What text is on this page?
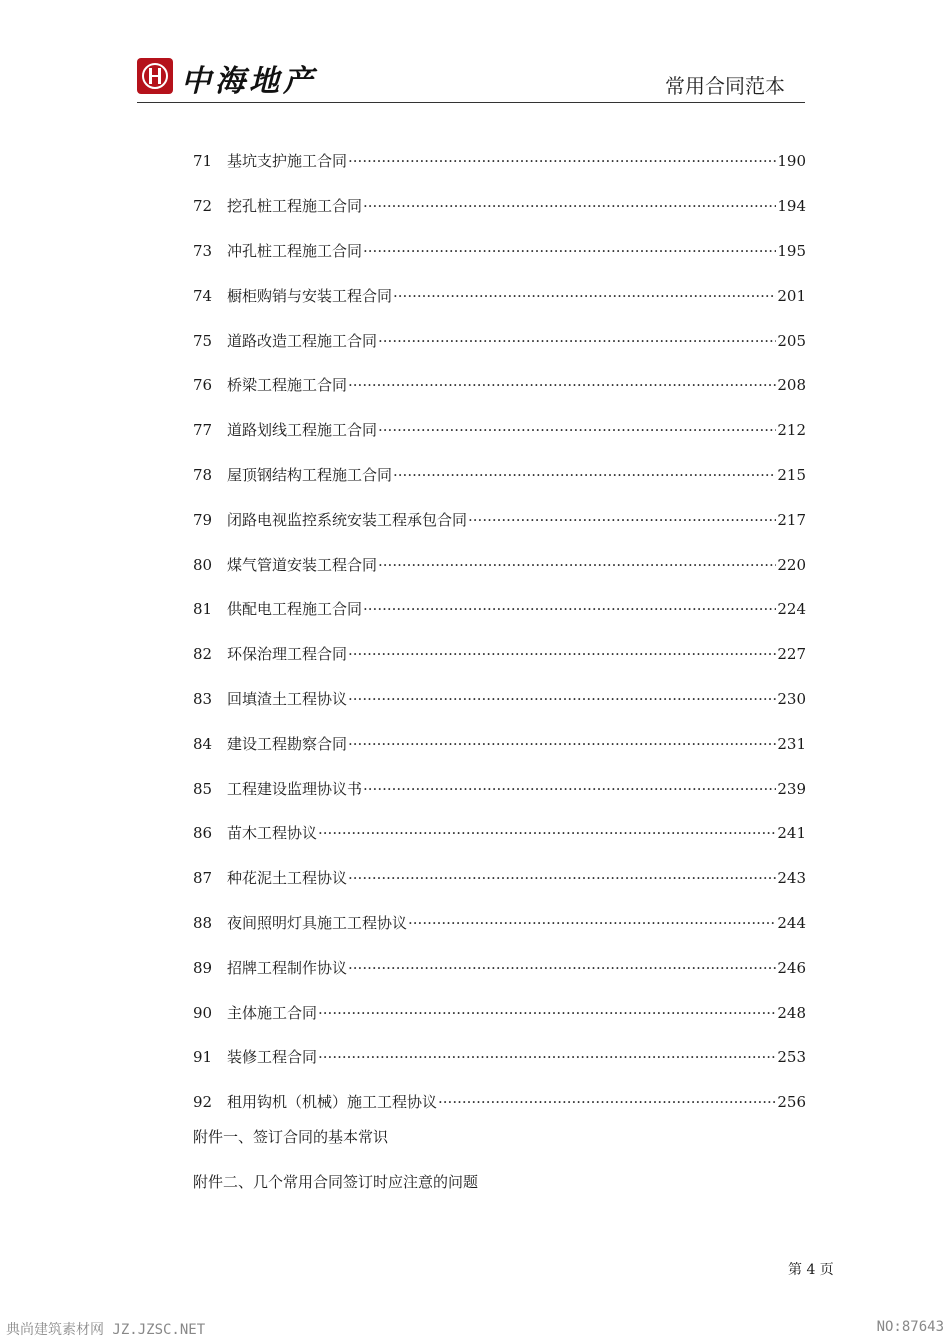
中海地产	常用合同范本
71 基坑支护施工合同 ·····	190
72 挖孔桩工程施工合同 ·····	194
73 冲孔桩工程施工合同 ·····	195
74 橱柜购销与安装工程合同 ·····	201
75 道路改造工程施工合同 ·····	205
76 桥梁工程施工合同 ·····	208
77 道路划线工程施工合同 ·····	212
78 屋顶钢结构工程施工合同 ·····	215
79 闭路电视监控系统安装工程承包合同 ·····	217
80 煤气管道安装工程合同 ·····	220
81 供配电工程施工合同 ·····	224
82 环保治理工程合同 ·····	227
83 回填渣土工程协议 ·····	230
84 建设工程勘察合同 ·····	231
85 工程建设监理协议书 ·····	239
86 苗木工程协议 ·····	241
87 种花泥土工程协议 ·····	243
88 夜间照明灯具施工工程协议 ·····	244
89 招牌工程制作协议 ·····	246
90 主体施工合同 ·····	248
91 装修工程合同 ·····	253
92 租用钩机（机械）施工工程协议 ·····	256
附件一、签订合同的基本常识
附件二、几个常用合同签订时应注意的问题
第 4 页
典尚建筑素材网 JZ.JZSC.NET	NO:87643
